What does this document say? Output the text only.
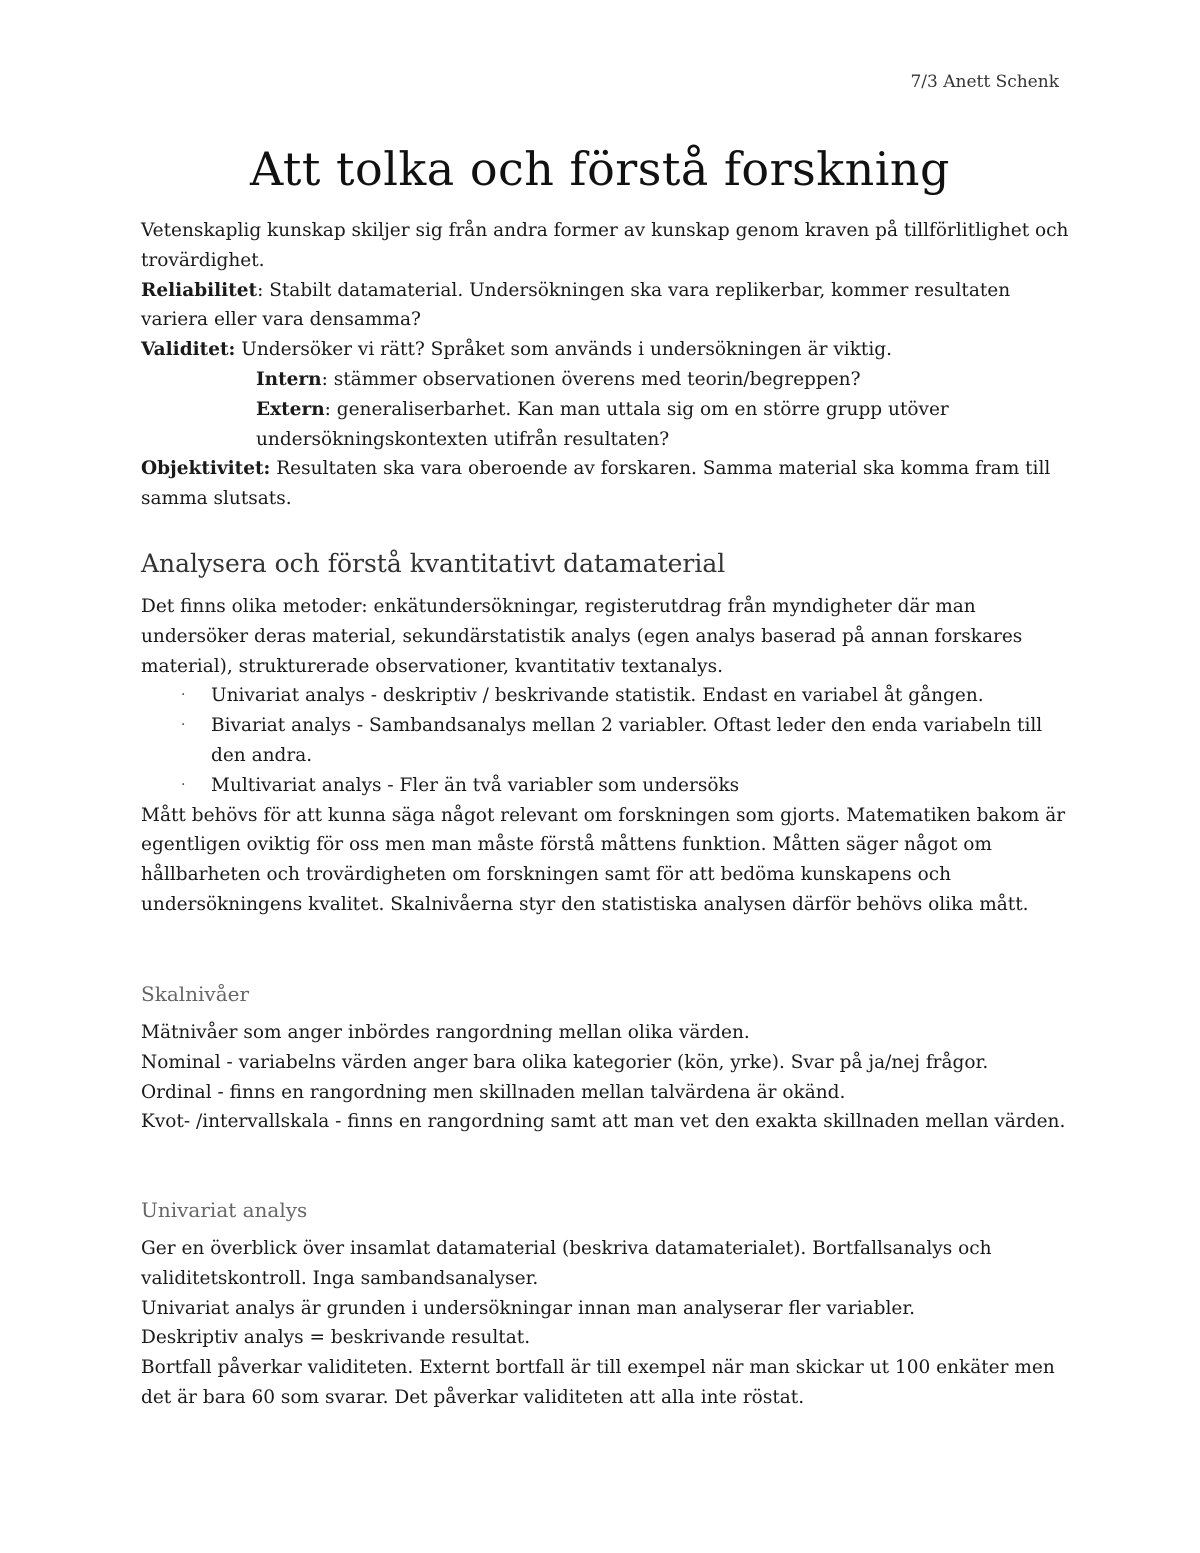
7/3 Anett Schenk
Att tolka och förstå forskning

Vetenskaplig kunskap skiljer sig från andra former av kunskap genom kraven på tillförlitlighet och trovärdighet.

Reliabilitet: Stabilt datamaterial. Undersökningen ska vara replikerbar, kommer resultaten variera eller vara densamma?

Validitet: Undersöker vi rätt? Språket som används i undersökningen är viktig.

Intern: stämmer observationen överens med teorin/begreppen?

Extern: generaliserbarhet. Kan man uttala sig om en större grupp utöver undersökningskontexten utifrån resultaten?

Objektivitet: Resultaten ska vara oberoende av forskaren. Samma material ska komma fram till samma slutsats.

Analysera och förstå kvantitativt datamaterial

Det finns olika metoder: enkätundersökningar, registerutdrag från myndigheter där man undersöker deras material, sekundärstatistik analys (egen analys baserad på annan forskares material), strukturerade observationer, kvantitativ textanalys.

· Univariat analys - deskriptiv / beskrivande statistik. Endast en variabel åt gången.
· Bivariat analys - Sambandsanalys mellan 2 variabler. Oftast leder den enda variabeln till den andra.
· Multivariat analys - Fler än två variabler som undersöks

Mått behövs för att kunna säga något relevant om forskningen som gjorts. Matematiken bakom är egentligen oviktig för oss men man måste förstå måttens funktion. Måtten säger något om hållbarheten och trovärdigheten om forskningen samt för att bedöma kunskapens och undersökningens kvalitet. Skalnivåerna styr den statistiska analysen därför behövs olika mått.

Skalnivåer

Mätnivåer som anger inbördes rangordning mellan olika värden.

Nominal - variabelns värden anger bara olika kategorier (kön, yrke). Svar på ja/nej frågor.

Ordinal - finns en rangordning men skillnaden mellan talvärdena är okänd.

Kvot- /intervallskala - finns en rangordning samt att man vet den exakta skillnaden mellan värden.

Univariat analys

Ger en överblick över insamlat datamaterial (beskriva datamaterialet). Bortfallsanalys och validitetskontroll. Inga sambandsanalyser.

Univariat analys är grunden i undersökningar innan man analyserar fler variabler.

Deskriptiv analys = beskrivande resultat.

Bortfall påverkar validiteten. Externt bortfall är till exempel när man skickar ut 100 enkäter men det är bara 60 som svarar. Det påverkar validiteten att alla inte röstat.
